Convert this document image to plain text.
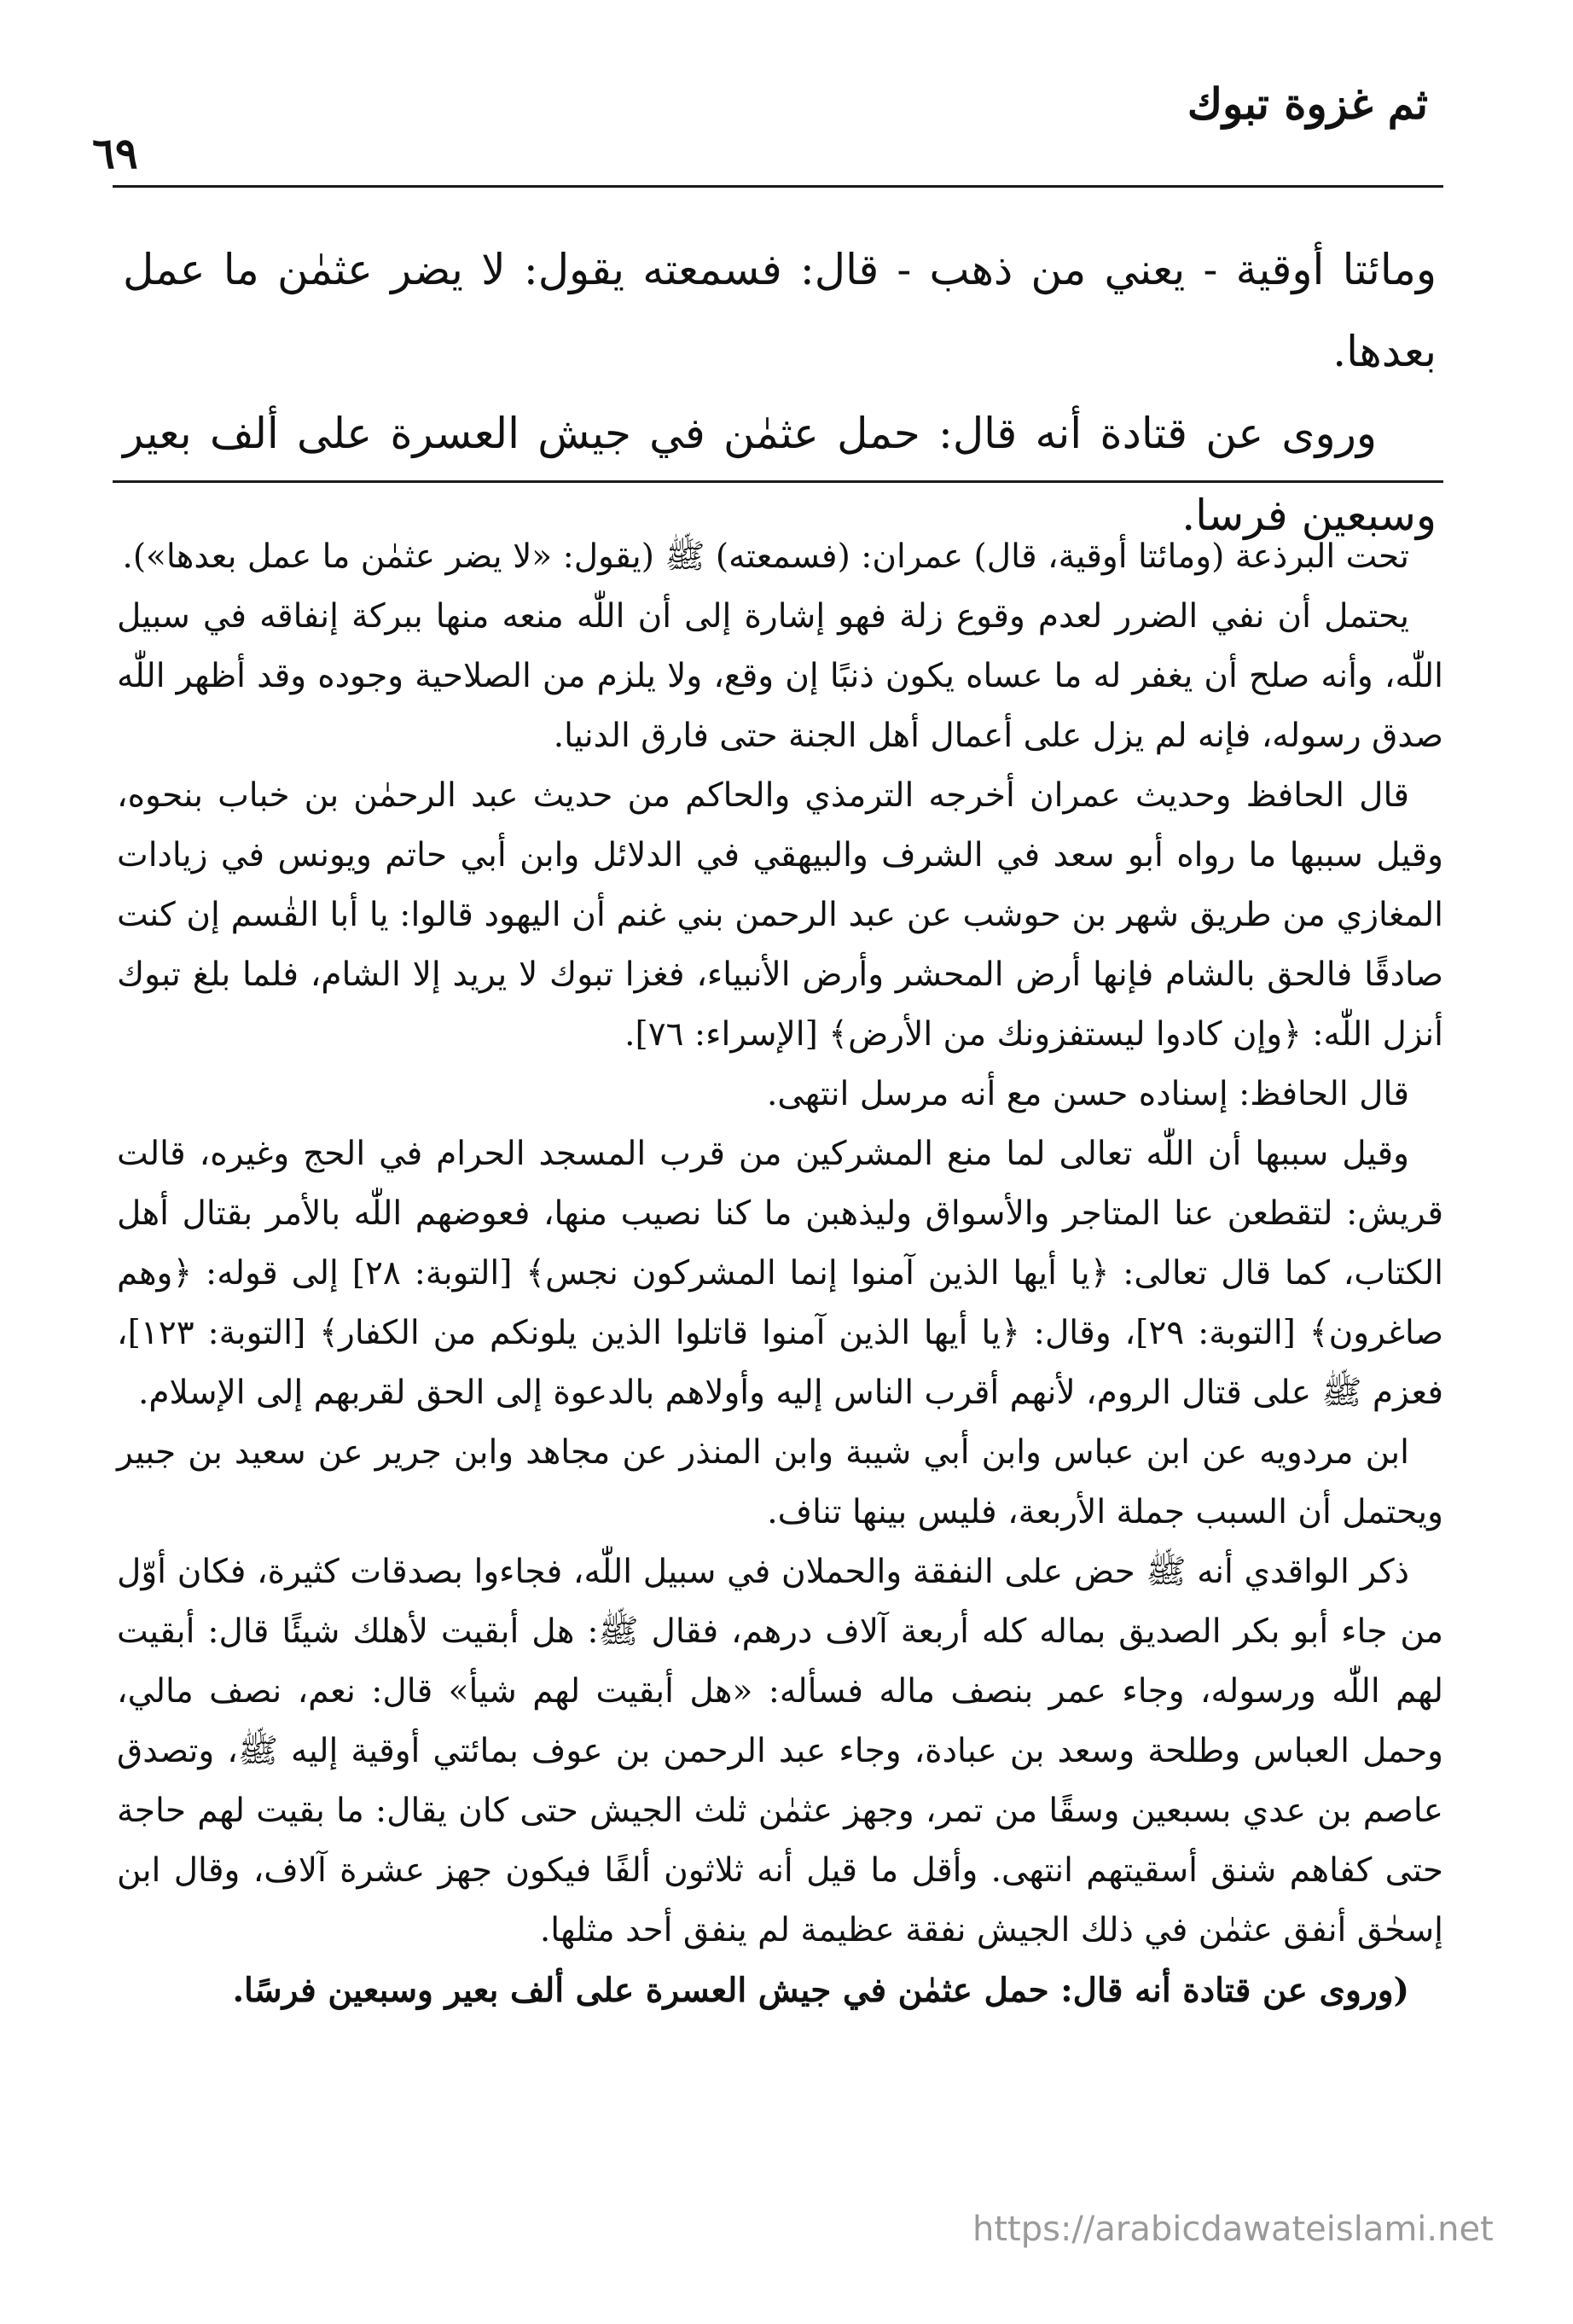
ثم غزوة تبوك
٦٩

ومائتا أوقية - يعني من ذهب - قال: فسمعته يقول: لا يضر عثمٰن ما عمل بعدها.

وروى عن قتادة أنه قال: حمل عثمٰن في جيش العسرة على ألف بعير وسبعين فرسا.

تحت البرذعة (ومائتا أوقية، قال) عمران: (فسمعته) ﷺ (يقول: «لا يضر عثمٰن ما عمل بعدها»).

يحتمل أن نفي الضرر لعدم وقوع زلة فهو إشارة إلى أن اللّٰه منعه منها ببركة إنفاقه في سبيل اللّٰه، وأنه صلح أن يغفر له ما عساه يكون ذنبًا إن وقع، ولا يلزم من الصلاحية وجوده وقد أظهر اللّٰه صدق رسوله، فإنه لم يزل على أعمال أهل الجنة حتى فارق الدنيا.

قال الحافظ وحديث عمران أخرجه الترمذي والحاكم من حديث عبد الرحمٰن بن خباب بنحوه، وقيل سببها ما رواه أبو سعد في الشرف والبيهقي في الدلائل وابن أبي حاتم ويونس في زيادات المغازي من طريق شهر بن حوشب عن عبد الرحمن بني غنم أن اليهود قالوا: يا أبا القٰسم إن كنت صادقًا فالحق بالشام فإنها أرض المحشر وأرض الأنبياء، فغزا تبوك لا يريد إلا الشام، فلما بلغ تبوك أنزل اللّٰه: ﴿وإن كادوا ليستفزونك من الأرض﴾ [الإسراء: ٧٦].

قال الحافظ: إسناده حسن مع أنه مرسل انتهى.

وقيل سببها أن اللّٰه تعالى لما منع المشركين من قرب المسجد الحرام في الحج وغيره، قالت قريش: لتقطعن عنا المتاجر والأسواق وليذهبن ما كنا نصيب منها، فعوضهم اللّٰه بالأمر بقتال أهل الكتاب، كما قال تعالى: ﴿يا أيها الذين آمنوا إنما المشركون نجس﴾ [التوبة: ٢٨] إلى قوله: ﴿وهم صاغرون﴾ [التوبة: ٢٩]، وقال: ﴿يا أيها الذين آمنوا قاتلوا الذين يلونكم من الكفار﴾ [التوبة: ١٢٣]، فعزم ﷺ على قتال الروم، لأنهم أقرب الناس إليه وأولاهم بالدعوة إلى الحق لقربهم إلى الإسلام.

ابن مردويه عن ابن عباس وابن أبي شيبة وابن المنذر عن مجاهد وابن جرير عن سعيد بن جبير ويحتمل أن السبب جملة الأربعة، فليس بينها تناف.

ذكر الواقدي أنه ﷺ حض على النفقة والحملان في سبيل اللّٰه، فجاءوا بصدقات كثيرة، فكان أوّل من جاء أبو بكر الصديق بماله كله أربعة آلاف درهم، فقال ﷺ: هل أبقيت لأهلك شيئًا قال: أبقيت لهم اللّٰه ورسوله، وجاء عمر بنصف ماله فسأله: «هل أبقيت لهم شيأ» قال: نعم، نصف مالي، وحمل العباس وطلحة وسعد بن عبادة، وجاء عبد الرحمن بن عوف بمائتي أوقية إليه ﷺ، وتصدق عاصم بن عدي بسبعين وسقًا من تمر، وجهز عثمٰن ثلث الجيش حتى كان يقال: ما بقيت لهم حاجة حتى كفاهم شنق أسقيتهم انتهى. وأقل ما قيل أنه ثلاثون ألفًا فيكون جهز عشرة آلاف، وقال ابن إسحٰق أنفق عثمٰن في ذلك الجيش نفقة عظيمة لم ينفق أحد مثلها.

(وروى عن قتادة أنه قال: حمل عثمٰن في جيش العسرة على ألف بعير وسبعين فرسًا.

https://arabicdawateislami.net
